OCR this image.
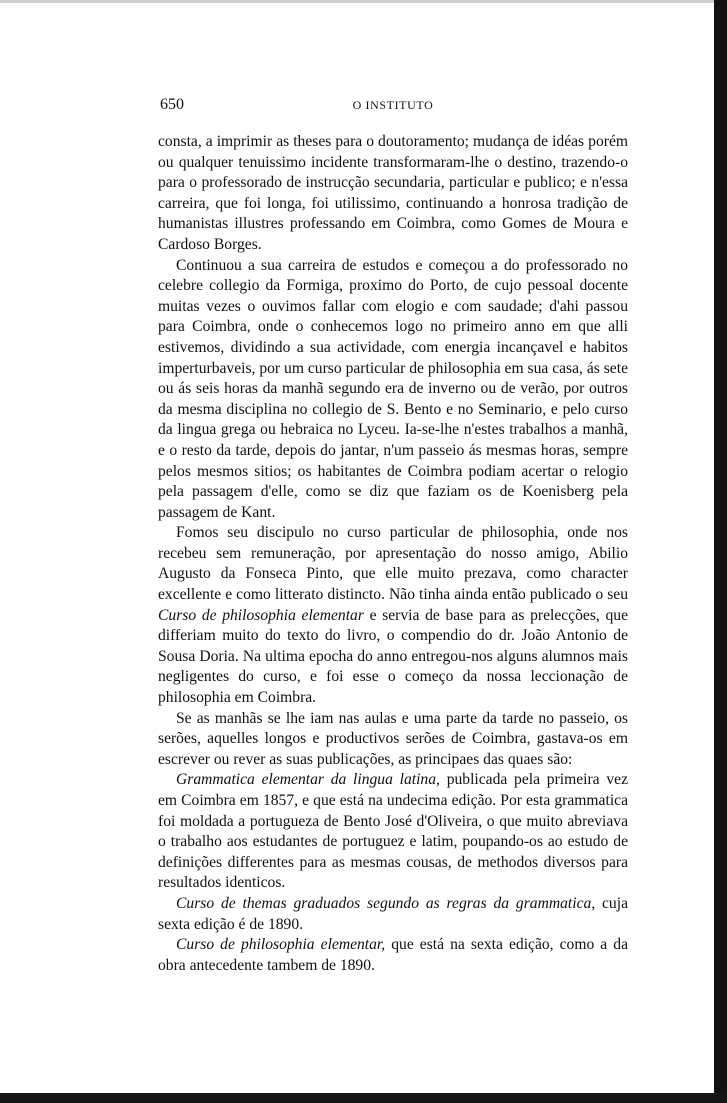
650	O INSTITUTO

consta, a imprimir as theses para o doutoramento; mudança de idéas porém ou qualquer tenuissimo incidente transformaram-lhe o destino, trazendo-o para o professorado de instrucção secundaria, particular e publico; e n'essa carreira, que foi longa, foi utilissimo, continuando a honrosa tradição de humanistas illustres professando em Coimbra, como Gomes de Moura e Cardoso Borges.

Continuou a sua carreira de estudos e começou a do professorado no celebre collegio da Formiga, proximo do Porto, de cujo pessoal docente muitas vezes o ouvimos fallar com elogio e com saudade; d'ahi passou para Coimbra, onde o conhecemos logo no primeiro anno em que alli estivemos, dividindo a sua actividade, com energia incançavel e habitos imperturbaveis, por um curso particular de philosophia em sua casa, ás sete ou ás seis horas da manhã segundo era de inverno ou de verão, por outros da mesma disciplina no collegio de S. Bento e no Seminario, e pelo curso da lingua grega ou hebraica no Lyceu. Ia-se-lhe n'estes trabalhos a manhã, e o resto da tarde, depois do jantar, n'um passeio ás mesmas horas, sempre pelos mesmos sitios; os habitantes de Coimbra podiam acertar o relogio pela passagem d'elle, como se diz que faziam os de Koenisberg pela passagem de Kant.

Fomos seu discipulo no curso particular de philosophia, onde nos recebeu sem remuneração, por apresentação do nosso amigo, Abilio Augusto da Fonseca Pinto, que elle muito prezava, como character excellente e como litterato distincto. Não tinha ainda então publicado o seu Curso de philosophia elementar e servia de base para as prelecções, que differiam muito do texto do livro, o compendio do dr. João Antonio de Sousa Doria. Na ultima epocha do anno entregou-nos alguns alumnos mais negligentes do curso, e foi esse o começo da nossa leccionação de philosophia em Coimbra.

Se as manhãs se lhe iam nas aulas e uma parte da tarde no passeio, os serões, aquelles longos e productivos serões de Coimbra, gastava-os em escrever ou rever as suas publicações, as principaes das quaes são:

Grammatica elementar da lingua latina, publicada pela primeira vez em Coimbra em 1857, e que está na undecima edição. Por esta grammatica foi moldada a portugueza de Bento José d'Oliveira, o que muito abreviava o trabalho aos estudantes de portuguez e latim, poupando-os ao estudo de definições differentes para as mesmas cousas, de methodos diversos para resultados identicos.

Curso de themas graduados segundo as regras da grammatica, cuja sexta edição é de 1890.

Curso de philosophia elementar, que está na sexta edição, como a da obra antecedente tambem de 1890.
